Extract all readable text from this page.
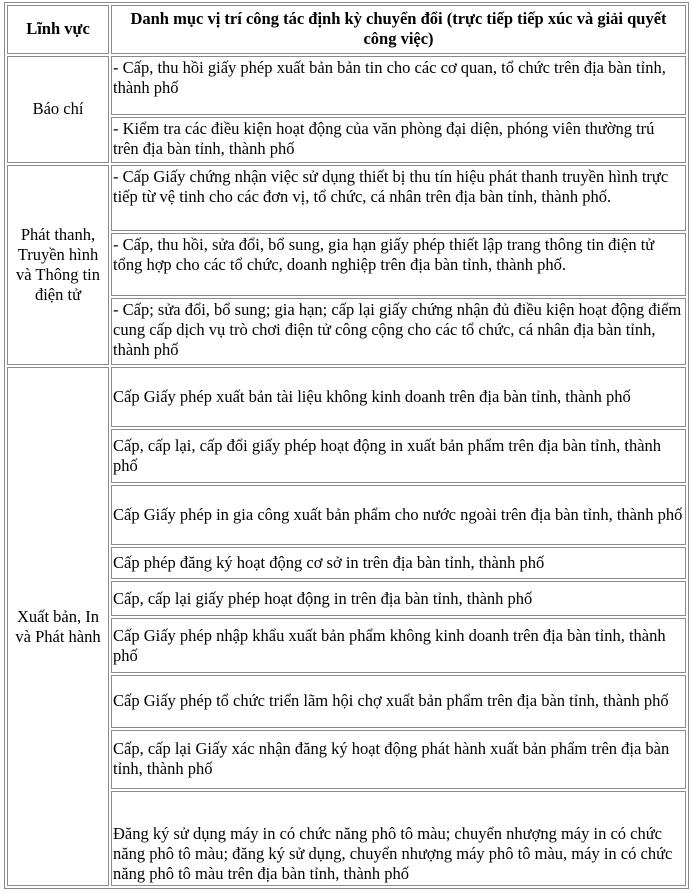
Lĩnh vực	Danh mục vị trí công tác định kỳ chuyển đổi (trực tiếp tiếp xúc và giải quyết công việc)
Báo chí	- Cấp, thu hồi giấy phép xuất bản bản tin cho các cơ quan, tổ chức trên địa bàn tỉnh, thành phố
	- Kiểm tra các điều kiện hoạt động của văn phòng đại diện, phóng viên thường trú trên địa bàn tỉnh, thành phố
Phát thanh, Truyền hình và Thông tin điện tử	- Cấp Giấy chứng nhận việc sử dụng thiết bị thu tín hiệu phát thanh truyền hình trực tiếp từ vệ tinh cho các đơn vị, tổ chức, cá nhân trên địa bàn tỉnh, thành phố.
	- Cấp, thu hồi, sửa đổi, bổ sung, gia hạn giấy phép thiết lập trang thông tin điện tử tổng hợp cho các tổ chức, doanh nghiệp trên địa bàn tỉnh, thành phố.
	- Cấp; sửa đổi, bổ sung; gia hạn; cấp lại giấy chứng nhận đủ điều kiện hoạt động điểm cung cấp dịch vụ trò chơi điện tử công cộng cho các tổ chức, cá nhân địa bàn tỉnh, thành phố
Xuất bản, In và Phát hành	Cấp Giấy phép xuất bản tài liệu không kinh doanh trên địa bàn tỉnh, thành phố
	Cấp, cấp lại, cấp đổi giấy phép hoạt động in xuất bản phẩm trên địa bàn tỉnh, thành phố
	Cấp Giấy phép in gia công xuất bản phẩm cho nước ngoài trên địa bàn tỉnh, thành phố
	Cấp phép đăng ký hoạt động cơ sở in trên địa bàn tỉnh, thành phố
	Cấp, cấp lại giấy phép hoạt động in trên địa bàn tỉnh, thành phố
	Cấp Giấy phép nhập khẩu xuất bản phẩm không kinh doanh trên địa bàn tỉnh, thành phố
	Cấp Giấy phép tổ chức triển lãm hội chợ xuất bản phẩm trên địa bàn tỉnh, thành phố
	Cấp, cấp lại Giấy xác nhận đăng ký hoạt động phát hành xuất bản phẩm trên địa bàn tỉnh, thành phố
	Đăng ký sử dụng máy in có chức năng phô tô màu; chuyển nhượng máy in có chức năng phô tô màu; đăng ký sử dụng, chuyển nhượng máy phô tô màu, máy in có chức năng phô tô màu trên địa bàn tỉnh, thành phố
